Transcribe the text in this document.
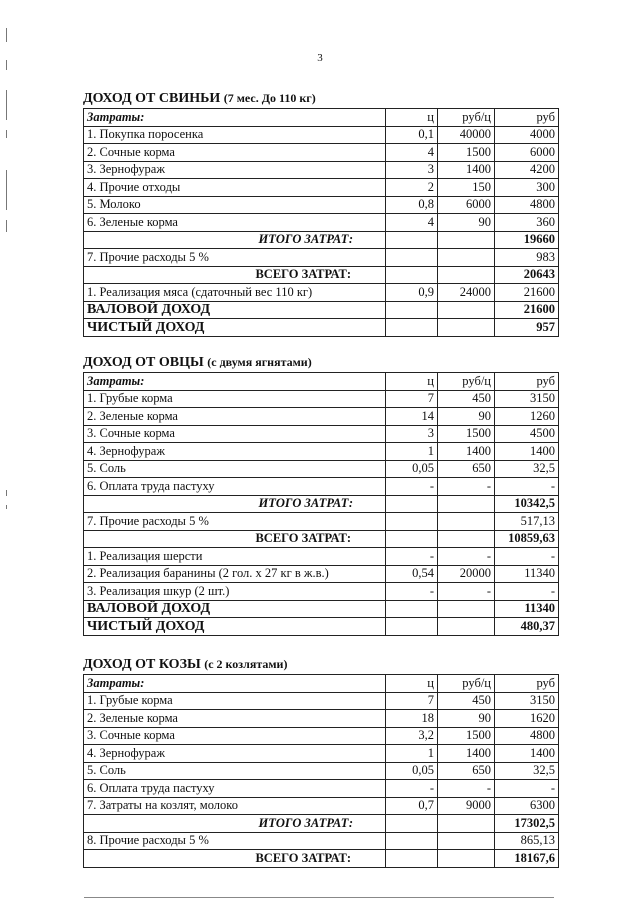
3
ДОХОД ОТ СВИНЬИ (7 мес. До 110 кг)
Затраты:	ц	руб/ц	руб
1. Покупка поросенка	0,1	40000	4000
2. Сочные корма	4	1500	6000
3. Зернофураж	3	1400	4200
4. Прочие отходы	2	150	300
5. Молоко	0,8	6000	4800
6. Зеленые корма	4	90	360
ИТОГО ЗАТРАТ:			19660
7. Прочие расходы 5 %			983
ВСЕГО ЗАТРАТ:			20643
1. Реализация мяса (сдаточный вес 110 кг)	0,9	24000	21600
ВАЛОВОЙ ДОХОД			21600
ЧИСТЫЙ ДОХОД			957
ДОХОД ОТ ОВЦЫ (с двумя ягнятами)
Затраты:	ц	руб/ц	руб
1. Грубые корма	7	450	3150
2. Зеленые корма	14	90	1260
3. Сочные корма	3	1500	4500
4. Зернофураж	1	1400	1400
5. Соль	0,05	650	32,5
6. Оплата труда пастуху	-	-	-
ИТОГО ЗАТРАТ:			10342,5
7. Прочие расходы 5 %			517,13
ВСЕГО ЗАТРАТ:			10859,63
1. Реализация шерсти	-	-	-
2. Реализация баранины (2 гол. х 27 кг в ж.в.)	0,54	20000	11340
3. Реализация шкур (2 шт.)	-	-	-
ВАЛОВОЙ ДОХОД			11340
ЧИСТЫЙ ДОХОД			480,37
ДОХОД ОТ КОЗЫ (с 2 козлятами)
Затраты:	ц	руб/ц	руб
1. Грубые корма	7	450	3150
2. Зеленые корма	18	90	1620
3. Сочные корма	3,2	1500	4800
4. Зернофураж	1	1400	1400
5. Соль	0,05	650	32,5
6. Оплата труда пастуху	-	-	-
7. Затраты на козлят, молоко	0,7	9000	6300
ИТОГО ЗАТРАТ:			17302,5
8. Прочие расходы 5 %			865,13
ВСЕГО ЗАТРАТ:			18167,6
